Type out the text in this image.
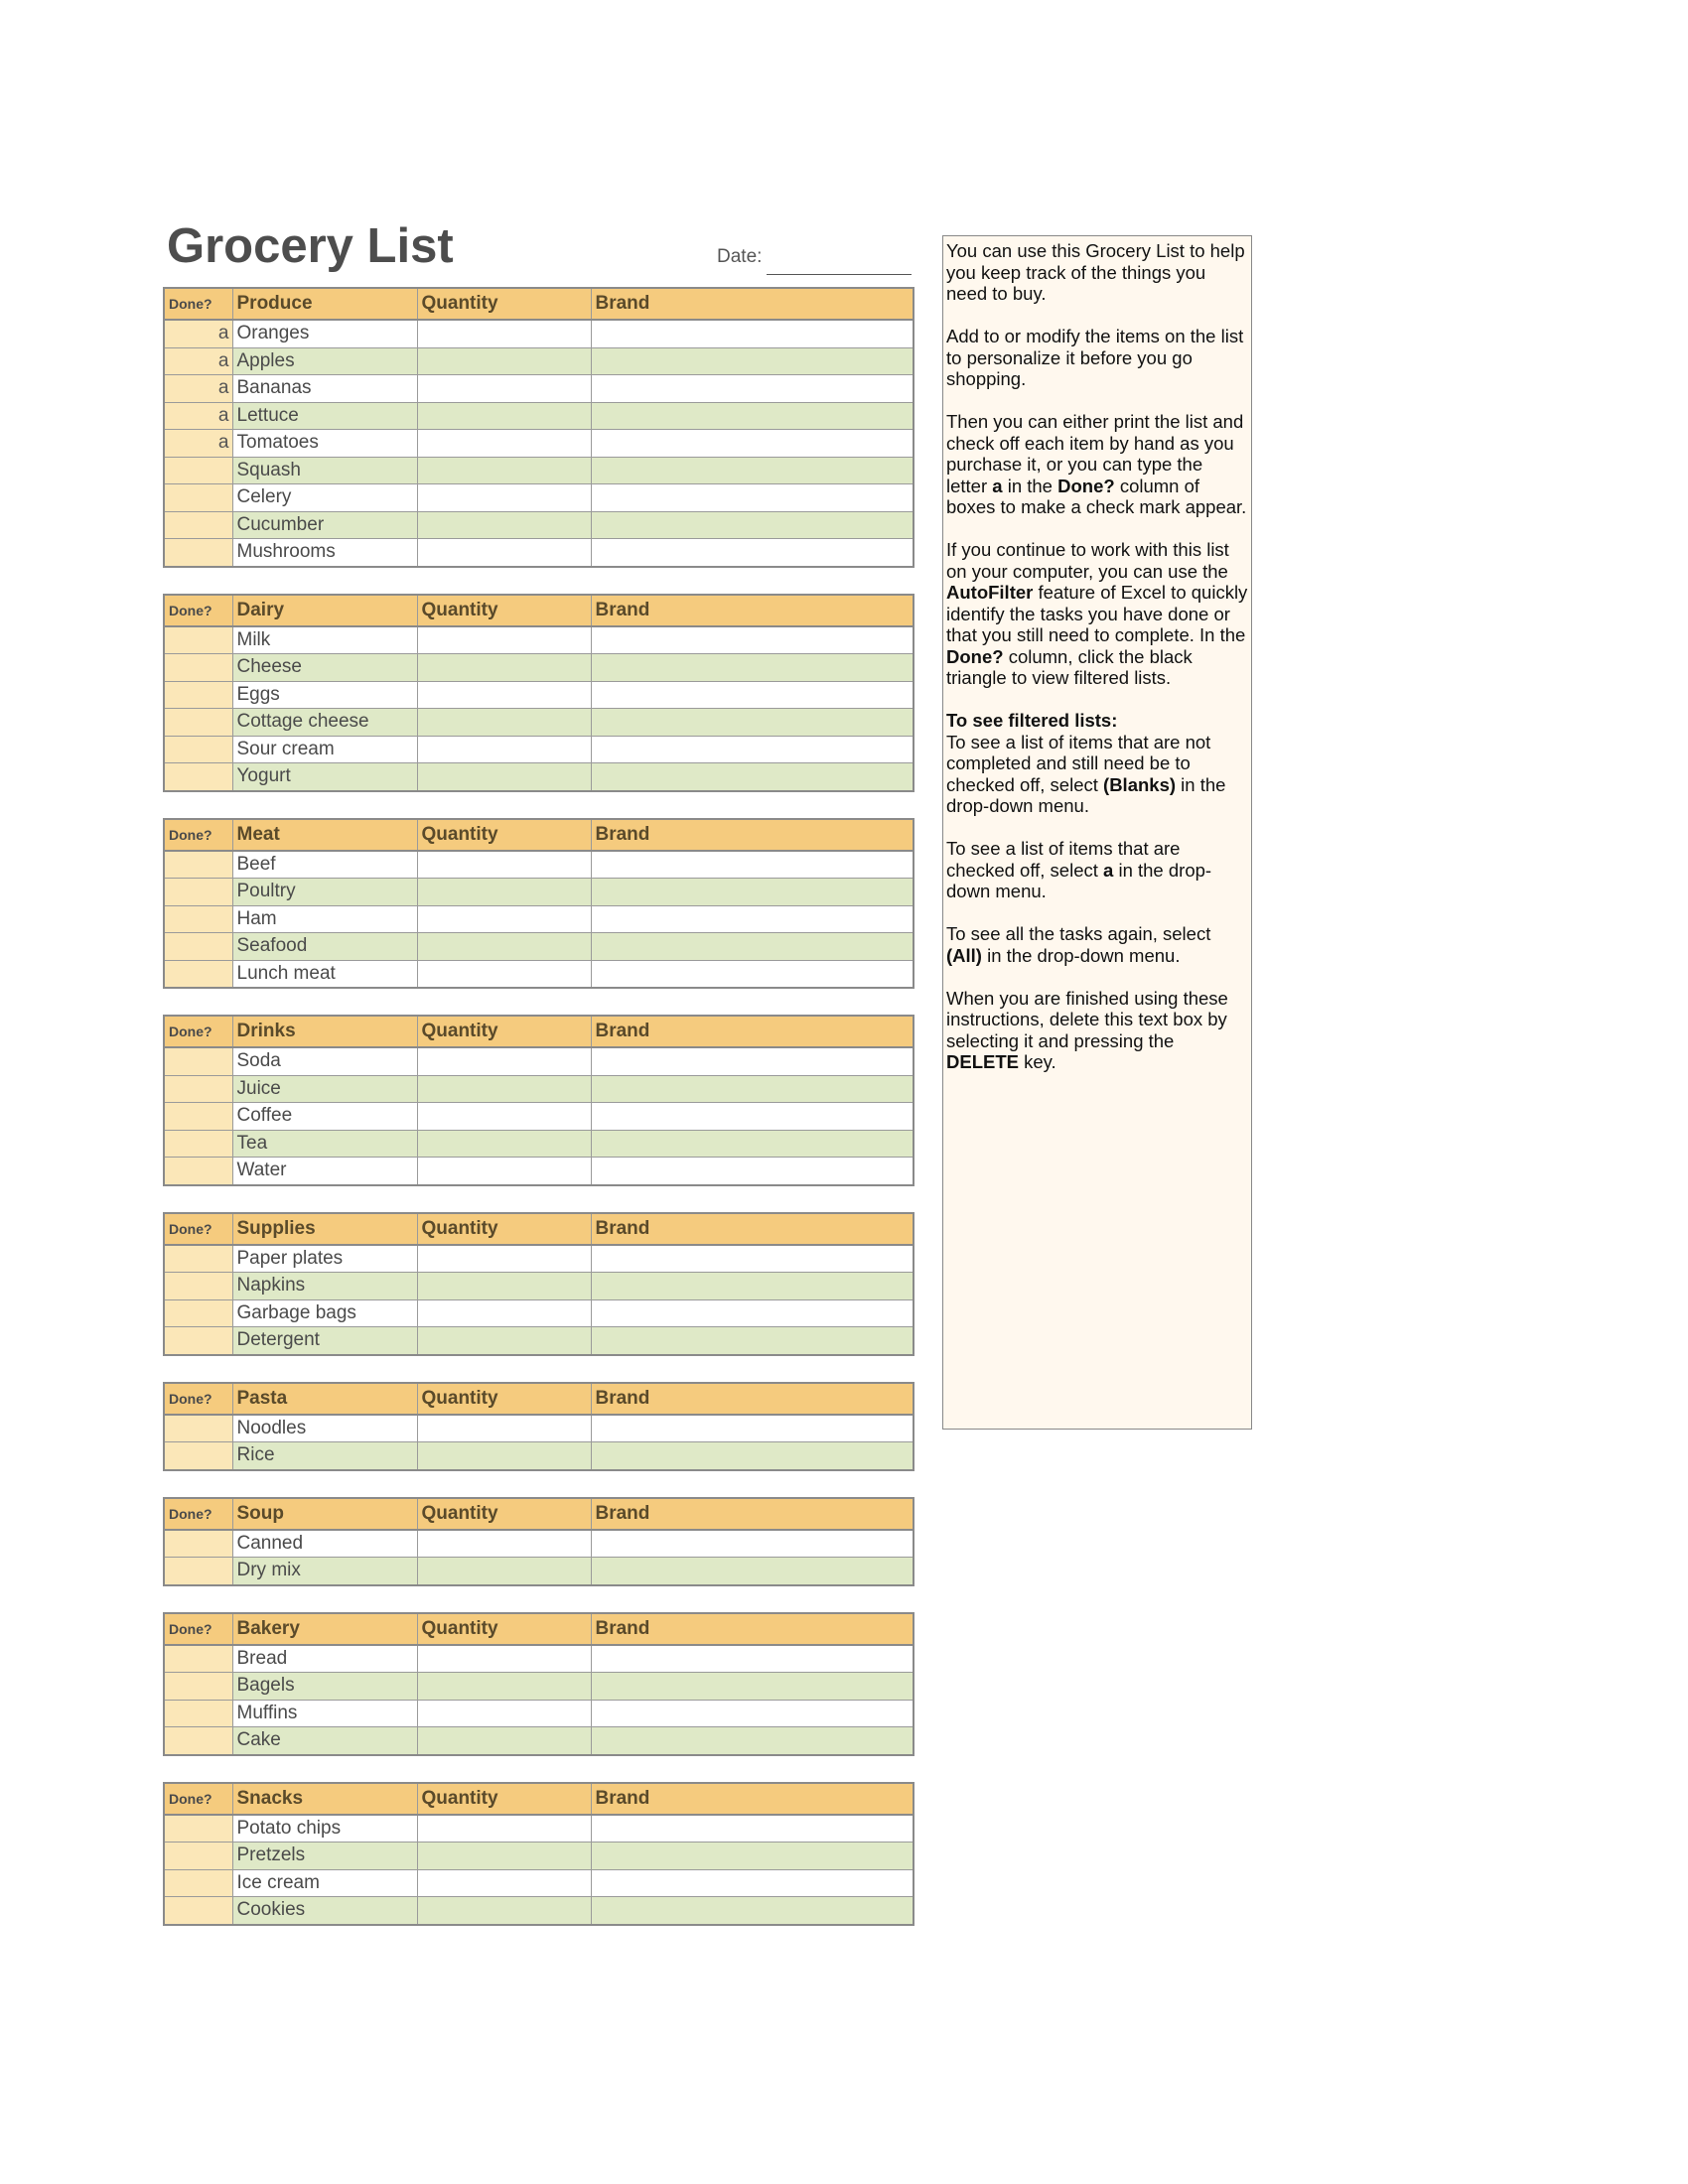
Grocery List	Date:
Done?	Produce	Quantity	Brand
a	Oranges		
a	Apples		
a	Bananas		
a	Lettuce		
a	Tomatoes		
	Squash		
	Celery		
	Cucumber		
	Mushrooms		
Done?	Dairy	Quantity	Brand
	Milk		
	Cheese		
	Eggs		
	Cottage cheese		
	Sour cream		
	Yogurt		
Done?	Meat	Quantity	Brand
	Beef		
	Poultry		
	Ham		
	Seafood		
	Lunch meat		
Done?	Drinks	Quantity	Brand
	Soda		
	Juice		
	Coffee		
	Tea		
	Water		
Done?	Supplies	Quantity	Brand
	Paper plates		
	Napkins		
	Garbage bags		
	Detergent		
Done?	Pasta	Quantity	Brand
	Noodles		
	Rice		
Done?	Soup	Quantity	Brand
	Canned		
	Dry mix		
Done?	Bakery	Quantity	Brand
	Bread		
	Bagels		
	Muffins		
	Cake		
Done?	Snacks	Quantity	Brand
	Potato chips		
	Pretzels		
	Ice cream		
	Cookies		

You can use this Grocery List to help you keep track of the things you need to buy.

Add to or modify the items on the list to personalize it before you go shopping.

Then you can either print the list and check off each item by hand as you purchase it, or you can type the letter a in the Done? column of boxes to make a check mark appear.

If you continue to work with this list on your computer, you can use the AutoFilter feature of Excel to quickly identify the tasks you have done or that you still need to complete. In the Done? column, click the black triangle to view filtered lists.

To see filtered lists:
To see a list of items that are not completed and still need be to checked off, select (Blanks) in the drop-down menu.

To see a list of items that are checked off, select a in the drop-down menu.

To see all the tasks again, select (All) in the drop-down menu.

When you are finished using these instructions, delete this text box by selecting it and pressing the DELETE key.
